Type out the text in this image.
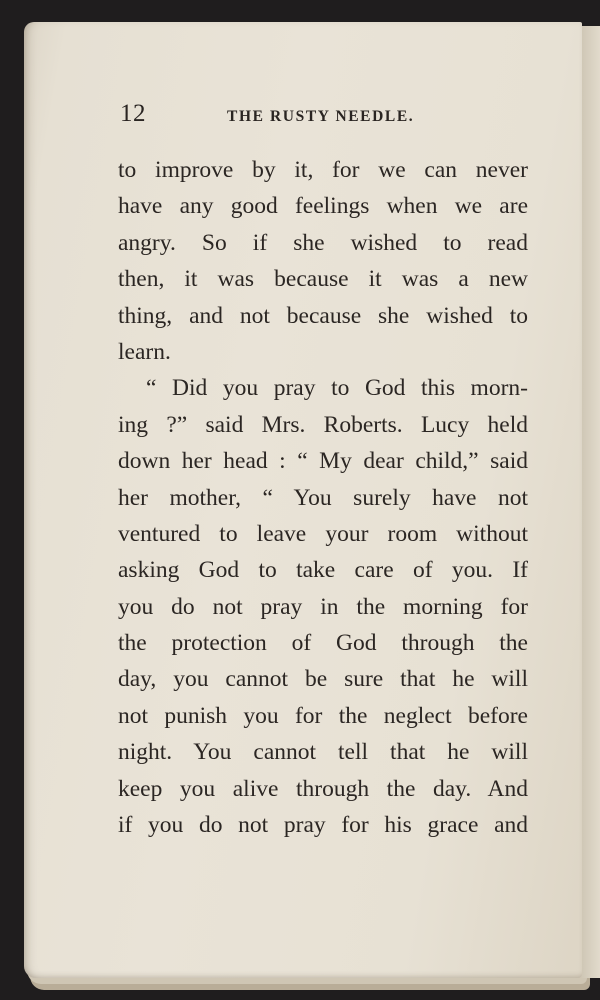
12	THE RUSTY NEEDLE.
to improve by it, for we can never
have any good feelings when we are
angry. So if she wished to read
then, it was because it was a new
thing, and not because she wished to
learn.
“ Did you pray to God this morn-
ing ?” said Mrs. Roberts. Lucy held
down her head : “ My dear child,” said
her mother, “ You surely have not
ventured to leave your room without
asking God to take care of you. If
you do not pray in the morning for
the protection of God through the
day, you cannot be sure that he will
not punish you for the neglect before
night. You cannot tell that he will
keep you alive through the day. And
if you do not pray for his grace and
